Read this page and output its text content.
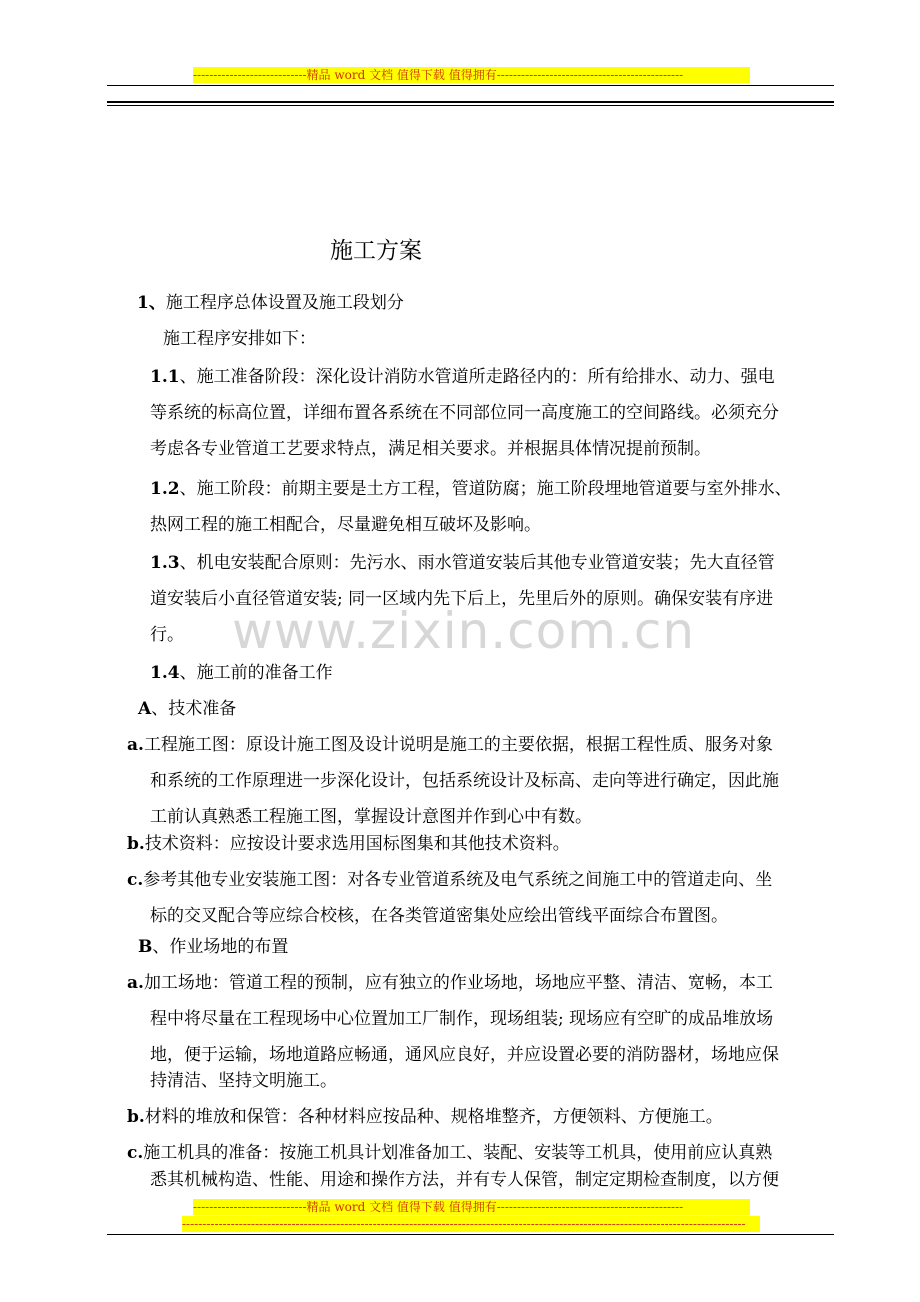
----------------------------精品 word 文档 值得下载 值得拥有----------------------------------------------
www.zixin.com.cn
施工方案
1、施工程序总体设置及施工段划分
施工程序安排如下：
1.1、施工准备阶段：深化设计消防水管道所走路径内的：所有给排水、动力、强电
等系统的标高位置，详细布置各系统在不同部位同一高度施工的空间路线。必须充分
考虑各专业管道工艺要求特点，满足相关要求。并根据具体情况提前预制。
1.2、施工阶段：前期主要是土方工程，管道防腐；施工阶段埋地管道要与室外排水、
热网工程的施工相配合，尽量避免相互破坏及影响。
1.3、机电安装配合原则：先污水、雨水管道安装后其他专业管道安装；先大直径管
道安装后小直径管道安装; 同一区域内先下后上，先里后外的原则。确保安装有序进
行。
1.4、施工前的准备工作
A、技术准备
a.工程施工图：原设计施工图及设计说明是施工的主要依据，根据工程性质、服务对象
和系统的工作原理进一步深化设计，包括系统设计及标高、走向等进行确定，因此施
工前认真熟悉工程施工图，掌握设计意图并作到心中有数。
b.技术资料：应按设计要求选用国标图集和其他技术资料。
c.参考其他专业安装施工图：对各专业管道系统及电气系统之间施工中的管道走向、坐
标的交叉配合等应综合校核，在各类管道密集处应绘出管线平面综合布置图。
B、作业场地的布置
a.加工场地：管道工程的预制，应有独立的作业场地，场地应平整、清洁、宽畅，本工
程中将尽量在工程现场中心位置加工厂制作，现场组装; 现场应有空旷的成品堆放场
地，便于运输，场地道路应畅通，通风应良好，并应设置必要的消防器材，场地应保
持清洁、坚持文明施工。
b.材料的堆放和保管：各种材料应按品种、规格堆整齐，方便领料、方便施工。
c.施工机具的准备：按施工机具计划准备加工、装配、安装等工机具，使用前应认真熟
悉其机械构造、性能、用途和操作方法，并有专人保管，制定定期检查制度，以方便
----------------------------精品 word 文档 值得下载 值得拥有----------------------------------------------
-------------------------------------------------------------------------------------------------------------------------------------------
